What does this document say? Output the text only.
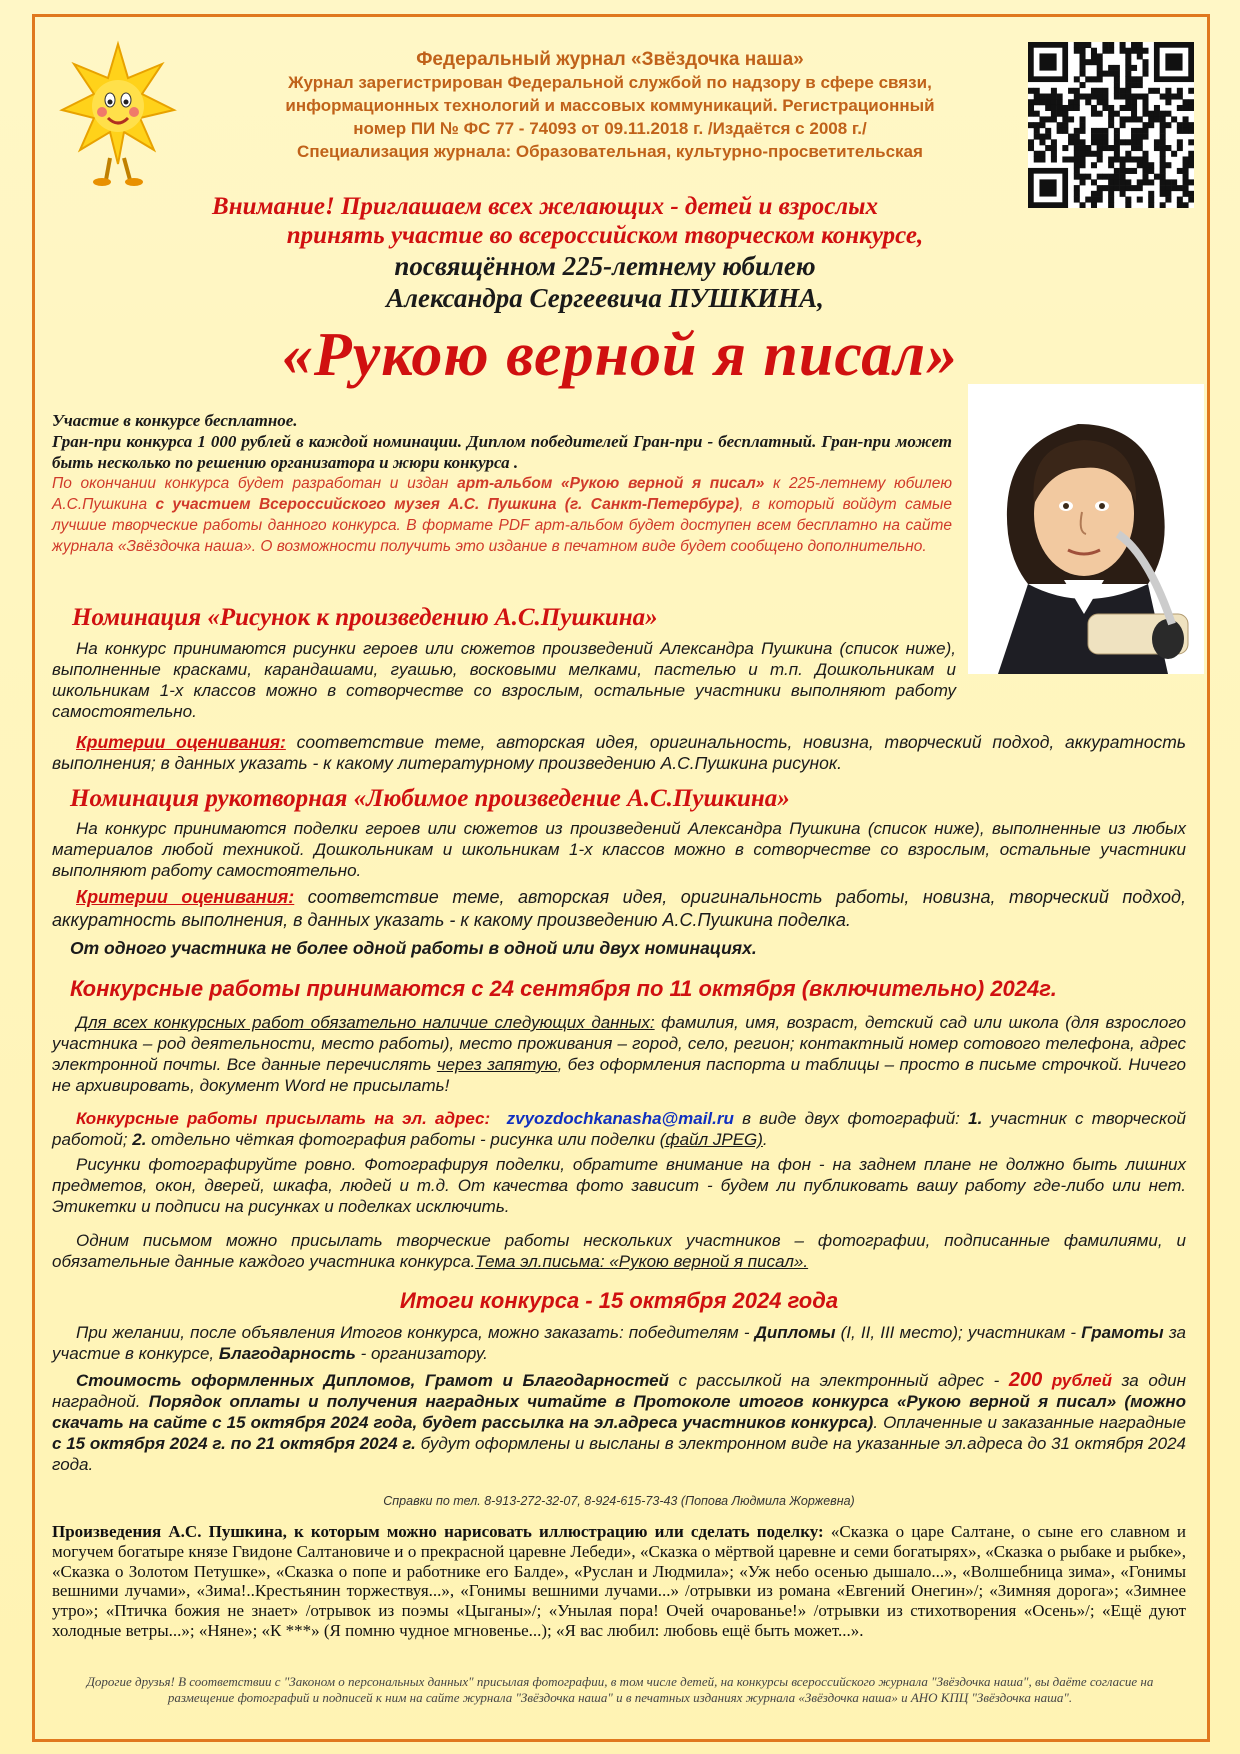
Федеральный журнал «Звёздочка наша»
Журнал зарегистрирован Федеральной службой по надзору в сфере связи,
информационных технологий и массовых коммуникаций. Регистрационный
номер ПИ № ФС 77 - 74093 от 09.11.2018 г. /Издаётся с 2008 г./
Специализация журнала: Образовательная, культурно-просветительская
Внимание! Приглашаем всех желающих - детей и взрослых
принять участие во всероссийском творческом конкурсе,
посвящённом 225-летнему юбилею
Александра Сергеевича ПУШКИНА,
«Рукою верной я писал»
Участие в конкурсе бесплатное.
Гран-при конкурса 1 000 рублей в каждой номинации. Диплом победителей Гран-при - бесплатный. Гран-при может быть несколько по решению организатора и жюри конкурса .
По окончании конкурса будет разработан и издан арт-альбом «Рукою верной я писал» к 225-летнему юбилею А.С.Пушкина с участием Всероссийского музея А.С. Пушкина (г. Санкт-Петербург), в который войдут самые лучшие творческие работы данного конкурса. В формате PDF арт-альбом будет доступен всем бесплатно на сайте журнала «Звёздочка наша». О возможности получить это издание в печатном виде будет сообщено дополнительно.
Номинация «Рисунок к произведению А.С.Пушкина»
На конкурс принимаются рисунки героев или сюжетов произведений Александра Пушкина (список ниже), выполненные красками, карандашами, гуашью, восковыми мелками, пастелью и т.п. Дошкольникам и школьникам 1-х классов можно в сотворчестве со взрослым, остальные участники выполняют работу самостоятельно.
Критерии оценивания: соответствие теме, авторская идея, оригинальность, новизна, творческий подход, аккуратность выполнения; в данных указать - к какому литературному произведению А.С.Пушкина рисунок.
Номинация рукотворная «Любимое произведение А.С.Пушкина»
На конкурс принимаются поделки героев или сюжетов из произведений Александра Пушкина (список ниже), выполненные из любых материалов любой техникой. Дошкольникам и школьникам 1-х классов можно в сотворчестве со взрослым, остальные участники выполняют работу самостоятельно.
Критерии оценивания: соответствие теме, авторская идея, оригинальность работы, новизна, творческий подход, аккуратность выполнения, в данных указать - к какому произведению А.С.Пушкина поделка.
От одного участника не более одной работы в одной или двух номинациях.
Конкурсные работы принимаются с 24 сентября по 11 октября (включительно) 2024г.
Для всех конкурсных работ обязательно наличие следующих данных: фамилия, имя, возраст, детский сад или школа (для взрослого участника – род деятельности, место работы), место проживания – город, село, регион; контактный номер сотового телефона, адрес электронной почты. Все данные перечислять через запятую, без оформления паспорта и таблицы – просто в письме строчкой. Ничего не архивировать, документ Word не присылать!
Конкурсные работы присылать на эл. адрес: zvyozdochkanasha@mail.ru в виде двух фотографий: 1. участник с творческой работой; 2. отдельно чёткая фотография работы - рисунка или поделки (файл JPEG).
Рисунки фотографируйте ровно. Фотографируя поделки, обратите внимание на фон - на заднем плане не должно быть лишних предметов, окон, дверей, шкафа, людей и т.д. От качества фото зависит - будем ли публиковать вашу работу где-либо или нет. Этикетки и подписи на рисунках и поделках исключить.
Одним письмом можно присылать творческие работы нескольких участников – фотографии, подписанные фамилиями, и обязательные данные каждого участника конкурса.Тема эл.письма: «Рукою верной я писал».
Итоги конкурса - 15 октября 2024 года
При желании, после объявления Итогов конкурса, можно заказать: победителям - Дипломы (I, II, III место); участникам - Грамоты за участие в конкурсе, Благодарность - организатору.
Стоимость оформленных Дипломов, Грамот и Благодарностей с рассылкой на электронный адрес - 200 рублей за один наградной. Порядок оплаты и получения наградных читайте в Протоколе итогов конкурса «Рукою верной я писал» (можно скачать на сайте с 15 октября 2024 года, будет рассылка на эл.адреса участников конкурса). Оплаченные и заказанные наградные с 15 октября 2024 г. по 21 октября 2024 г. будут оформлены и высланы в электронном виде на указанные эл.адреса до 31 октября 2024 года.
Справки по тел. 8-913-272-32-07, 8-924-615-73-43 (Попова Людмила Жоржевна)
Произведения А.С. Пушкина, к которым можно нарисовать иллюстрацию или сделать поделку: «Сказка о царе Салтане, о сыне его славном и могучем богатыре князе Гвидоне Салтановиче и о прекрасной царевне Лебеди», «Сказка о мёртвой царевне и семи богатырях», «Сказка о рыбаке и рыбке», «Сказка о Золотом Петушке», «Сказка о попе и работнике его Балде», «Руслан и Людмила»; «Уж небо осенью дышало...», «Волшебница зима», «Гонимы вешними лучами», «Зима!..Крестьянин торжествуя...», «Гонимы вешними лучами...» /отрывки из романа «Евгений Онегин»/; «Зимняя дорога»; «Зимнее утро»; «Птичка божия не знает» /отрывок из поэмы «Цыганы»/; «Унылая пора! Очей очарованье!» /отрывки из стихотворения «Осень»/; «Ещё дуют холодные ветры...»; «Няне»; «К ***» (Я помню чудное мгновенье...); «Я вас любил: любовь ещё быть может...».
Дорогие друзья! В соответствии с "Законом о персональных данных" присылая фотографии, в том числе детей, на конкурсы всероссийского журнала "Звёздочка наша", вы даёте согласие на размещение фотографий и подписей к ним на сайте журнала "Звёздочка наша" и в печатных изданиях журнала «Звёздочка наша» и АНО КПЦ "Звёздочка наша".
